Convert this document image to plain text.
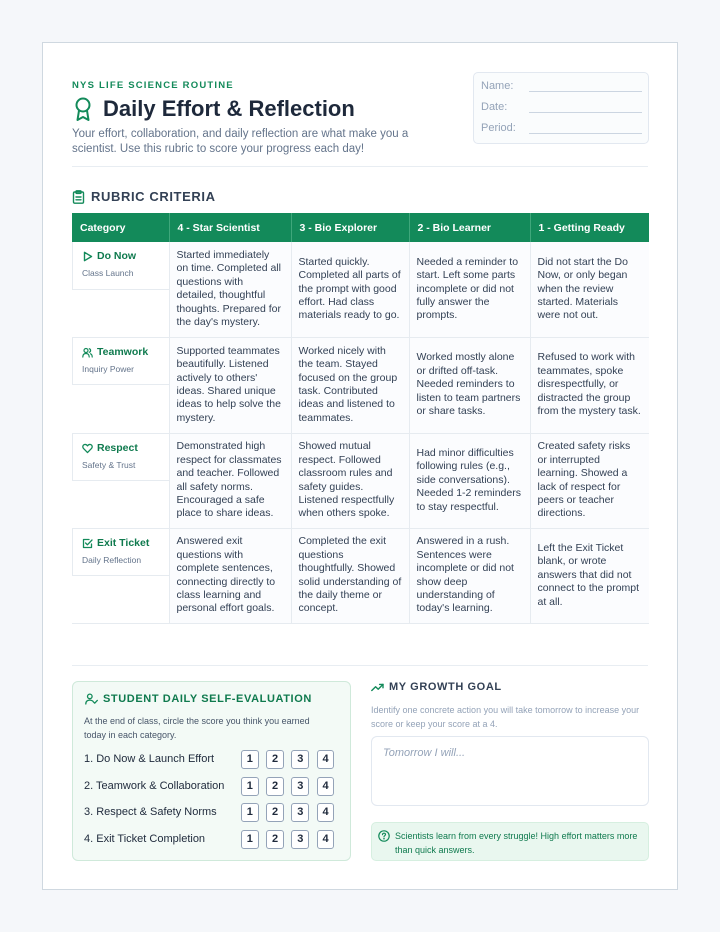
NYS LIFE SCIENCE ROUTINE
Daily Effort & Reflection
Your effort, collaboration, and daily reflection are what make you a scientist. Use this rubric to score your progress each day!
Name:
Date:
Period:
RUBRIC CRITERIA
Category	4 - Star Scientist	3 - Bio Explorer	2 - Bio Learner	1 - Getting Ready

Do Now
Class Launch	Started immediately on time. Completed all questions with detailed, thoughtful thoughts. Prepared for the day's mystery.	Started quickly. Completed all parts of the prompt with good effort. Had class materials ready to go.	Needed a reminder to start. Left some parts incomplete or did not fully answer the prompts.	Did not start the Do Now, or only began when the review started. Materials were not out.

Teamwork
Inquiry Power	Supported teammates beautifully. Listened actively to others' ideas. Shared unique ideas to help solve the mystery.	Worked nicely with the team. Stayed focused on the group task. Contributed ideas and listened to teammates.	Worked mostly alone or drifted off-task. Needed reminders to listen to team partners or share tasks.	Refused to work with teammates, spoke disrespectfully, or distracted the group from the mystery task.

Respect
Safety & Trust	Demonstrated high respect for classmates and teacher. Followed all safety norms. Encouraged a safe place to share ideas.	Showed mutual respect. Followed classroom rules and safety guides. Listened respectfully when others spoke.	Had minor difficulties following rules (e.g., side conversations). Needed 1-2 reminders to stay respectful.	Created safety risks or interrupted learning. Showed a lack of respect for peers or teacher directions.

Exit Ticket
Daily Reflection	Answered exit questions with complete sentences, connecting directly to class learning and personal effort goals.	Completed the exit questions thoughtfully. Showed solid understanding of the daily theme or concept.	Answered in a rush. Sentences were incomplete or did not show deep understanding of today's learning.	Left the Exit Ticket blank, or wrote answers that did not connect to the prompt at all.
STUDENT DAILY SELF-EVALUATION
At the end of class, circle the score you think you earned today in each category.
1. Do Now & Launch Effort	1	2	3	4
2. Teamwork & Collaboration	1	2	3	4
3. Respect & Safety Norms	1	2	3	4
4. Exit Ticket Completion	1	2	3	4
MY GROWTH GOAL
Identify one concrete action you will take tomorrow to increase your score or keep your score at a 4.
Tomorrow I will...
Scientists learn from every struggle! High effort matters more than quick answers.
